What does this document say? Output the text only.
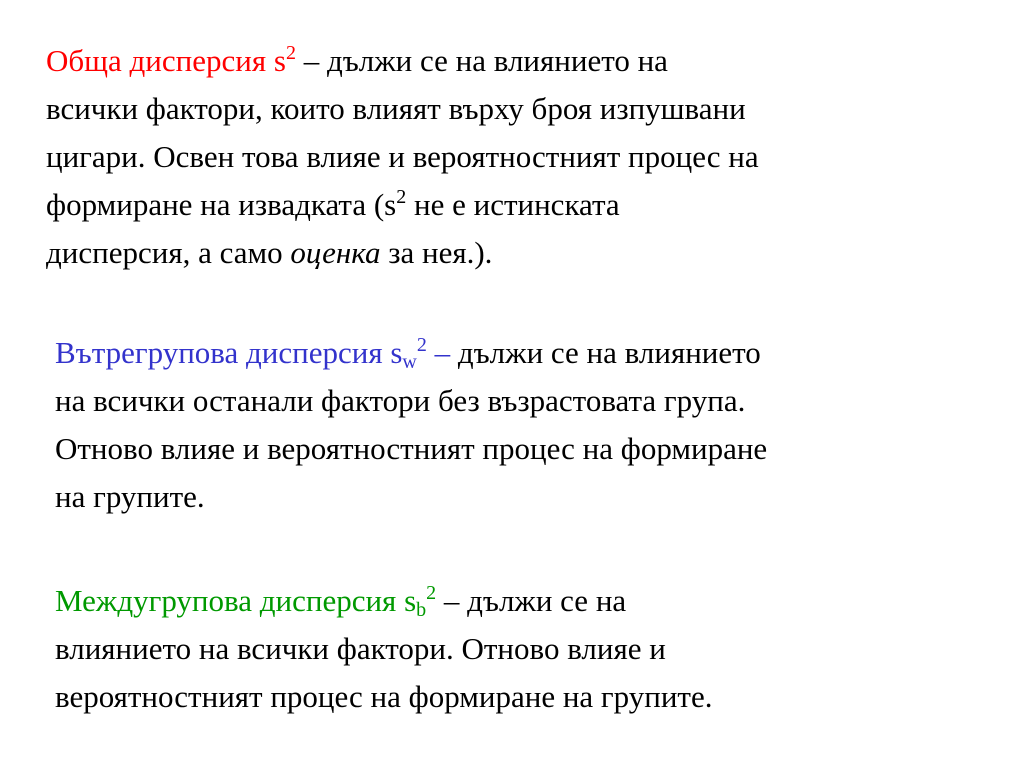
Обща дисперсия $s^2$ – дължи се на влиянието на
всички фактори, които влияят върху броя изпушвани
цигари. Освен това влияе и вероятностният процес на
формиране на извадката ($s^2$ не е истинската
дисперсия, а само оценка за нея.).

Вътрегрупова дисперсия $s_w^2$ – дължи се на влиянието
на всички останали фактори без възрастовата група.
Отново влияе и вероятностният процес на формиране
на групите.

Междугрупова дисперсия $s_b^2$ – дължи се на
влиянието на всички фактори. Отново влияе и
вероятностният процес на формиране на групите.
